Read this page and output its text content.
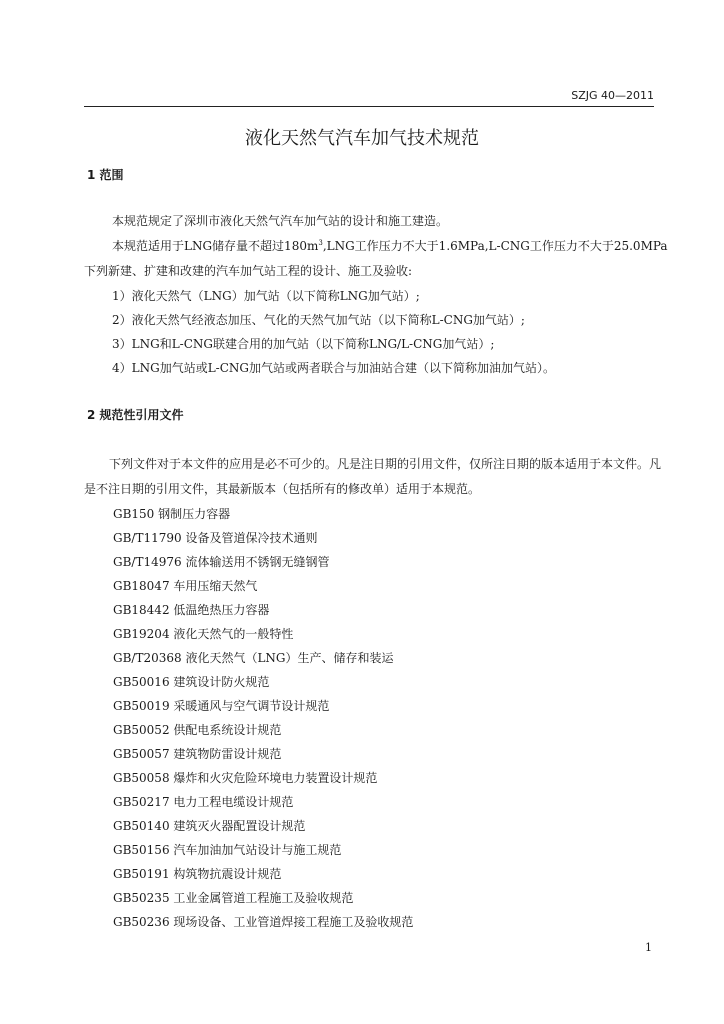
SZJG 40—2011
液化天然气汽车加气技术规范
1 范围
本规范规定了深圳市液化天然气汽车加气站的设计和施工建造。
本规范适用于LNG储存量不超过$180m^3,LNG$工作压力不大于1.6MPa,L-CNG工作压力不大于25.0MPa
下列新建、扩建和改建的汽车加气站工程的设计、施工及验收:
1）液化天然气（LNG）加气站（以下简称LNG加气站）;
2）液化天然气经液态加压、气化的天然气加气站（以下简称L-CNG加气站）;
3）LNG和L-CNG联建合用的加气站（以下简称LNG/L-CNG加气站）;
4）LNG加气站或L-CNG加气站或两者联合与加油站合建（以下简称加油加气站）。
2 规范性引用文件
下列文件对于本文件的应用是必不可少的。凡是注日期的引用文件，仅所注日期的版本适用于本文件。凡
是不注日期的引用文件，其最新版本（包括所有的修改单）适用于本规范。
GB150 钢制压力容器
GB/T11790 设备及管道保冷技术通则
GB/T14976 流体输送用不锈钢无缝钢管
GB18047 车用压缩天然气
GB18442 低温绝热压力容器
GB19204 液化天然气的一般特性
GB/T20368 液化天然气（LNG）生产、储存和装运
GB50016 建筑设计防火规范
GB50019 采暖通风与空气调节设计规范
GB50052 供配电系统设计规范
GB50057 建筑物防雷设计规范
GB50058 爆炸和火灾危险环境电力装置设计规范
GB50217 电力工程电缆设计规范
GB50140 建筑灭火器配置设计规范
GB50156 汽车加油加气站设计与施工规范
GB50191 构筑物抗震设计规范
GB50235 工业金属管道工程施工及验收规范
GB50236 现场设备、工业管道焊接工程施工及验收规范
1
